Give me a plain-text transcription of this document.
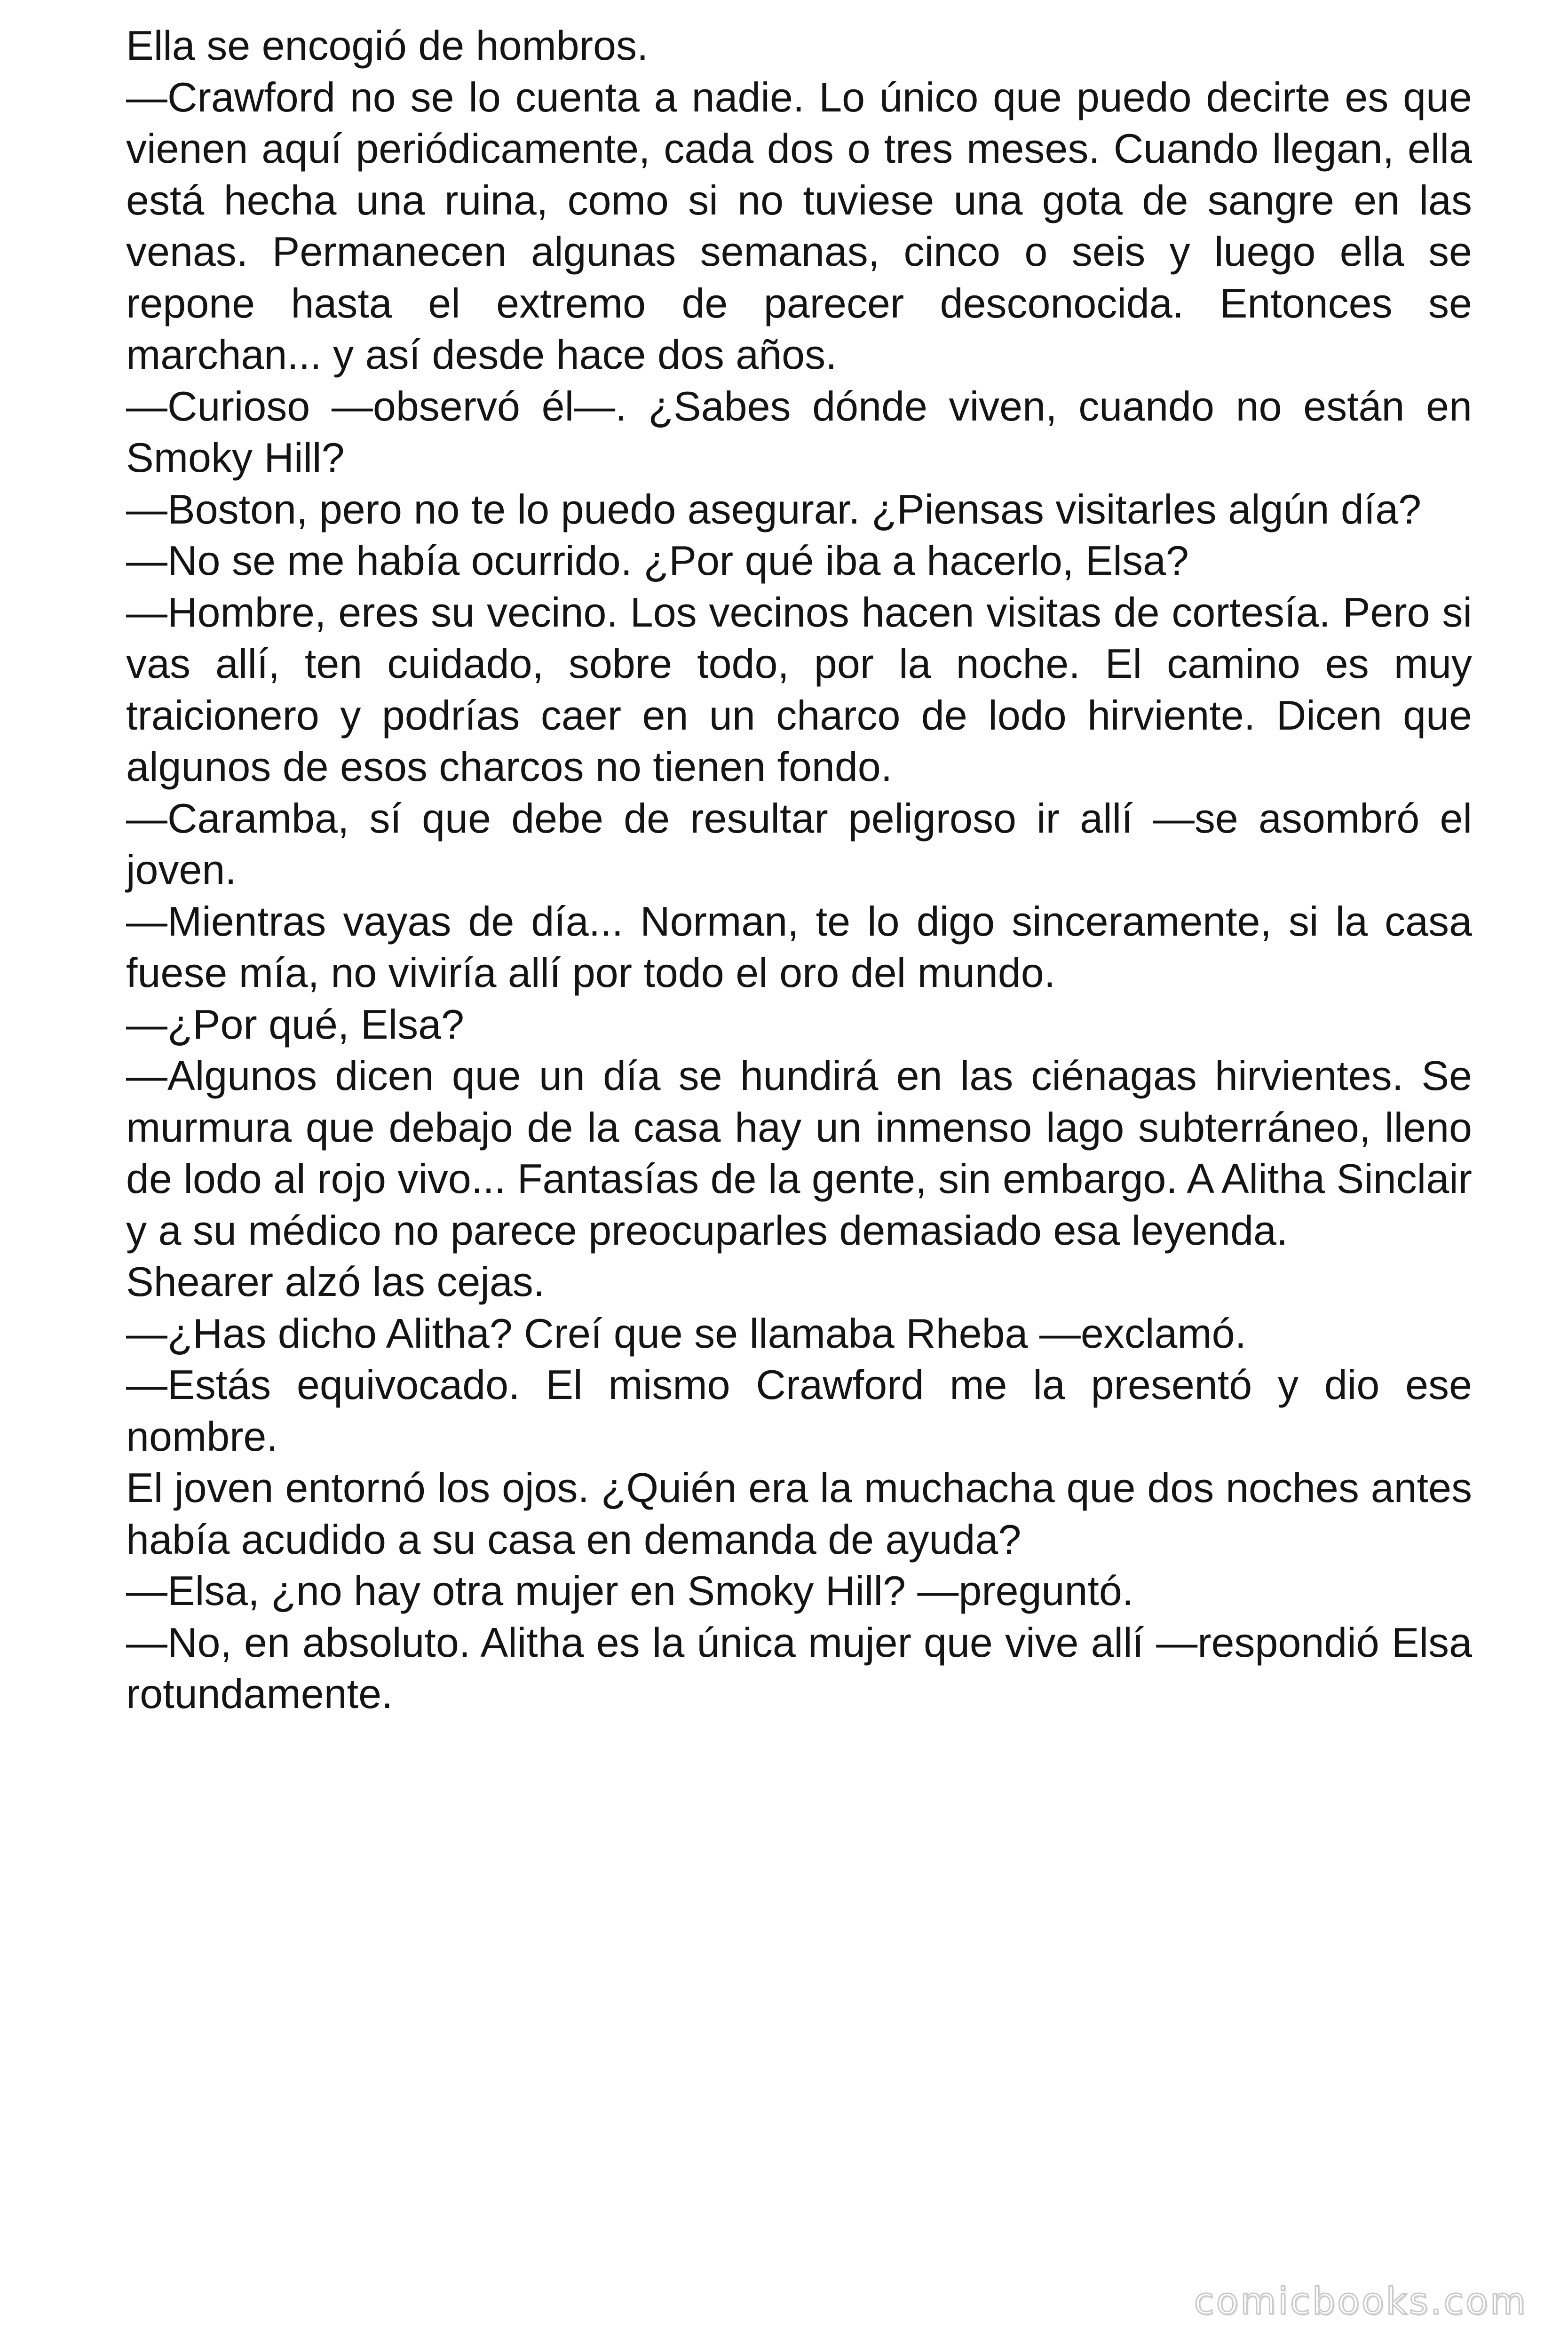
Ella se encogió de hombros.

—Crawford no se lo cuenta a nadie. Lo único que puedo decirte es que vienen aquí periódicamente, cada dos o tres meses. Cuando llegan, ella está hecha una ruina, como si no tuviese una gota de sangre en las venas. Permanecen algunas semanas, cinco o seis y luego ella se repone hasta el extremo de parecer desconocida. Entonces se marchan... y así desde hace dos años.

—Curioso —observó él—. ¿Sabes dónde viven, cuando no están en Smoky Hill?

—Boston, pero no te lo puedo asegurar. ¿Piensas visitarles algún día?

—No se me había ocurrido. ¿Por qué iba a hacerlo, Elsa?

—Hombre, eres su vecino. Los vecinos hacen visitas de cortesía. Pero si vas allí, ten cuidado, sobre todo, por la noche. El camino es muy traicionero y podrías caer en un charco de lodo hirviente. Dicen que algunos de esos charcos no tienen fondo.

—Caramba, sí que debe de resultar peligroso ir allí —se asombró el joven.

—Mientras vayas de día... Norman, te lo digo sinceramente, si la casa fuese mía, no viviría allí por todo el oro del mundo.

—¿Por qué, Elsa?

—Algunos dicen que un día se hundirá en las ciénagas hirvientes. Se murmura que debajo de la casa hay un inmenso lago subterráneo, lleno de lodo al rojo vivo... Fantasías de la gente, sin embargo. A Alitha Sinclair y a su médico no parece preocuparles demasiado esa leyenda.

Shearer alzó las cejas.

—¿Has dicho Alitha? Creí que se llamaba Rheba —exclamó.

—Estás equivocado. El mismo Crawford me la presentó y dio ese nombre.

El joven entornó los ojos. ¿Quién era la muchacha que dos noches antes había acudido a su casa en demanda de ayuda?

—Elsa, ¿no hay otra mujer en Smoky Hill? —preguntó.

—No, en absoluto. Alitha es la única mujer que vive allí —respondió Elsa rotundamente.

comicbooks.com
